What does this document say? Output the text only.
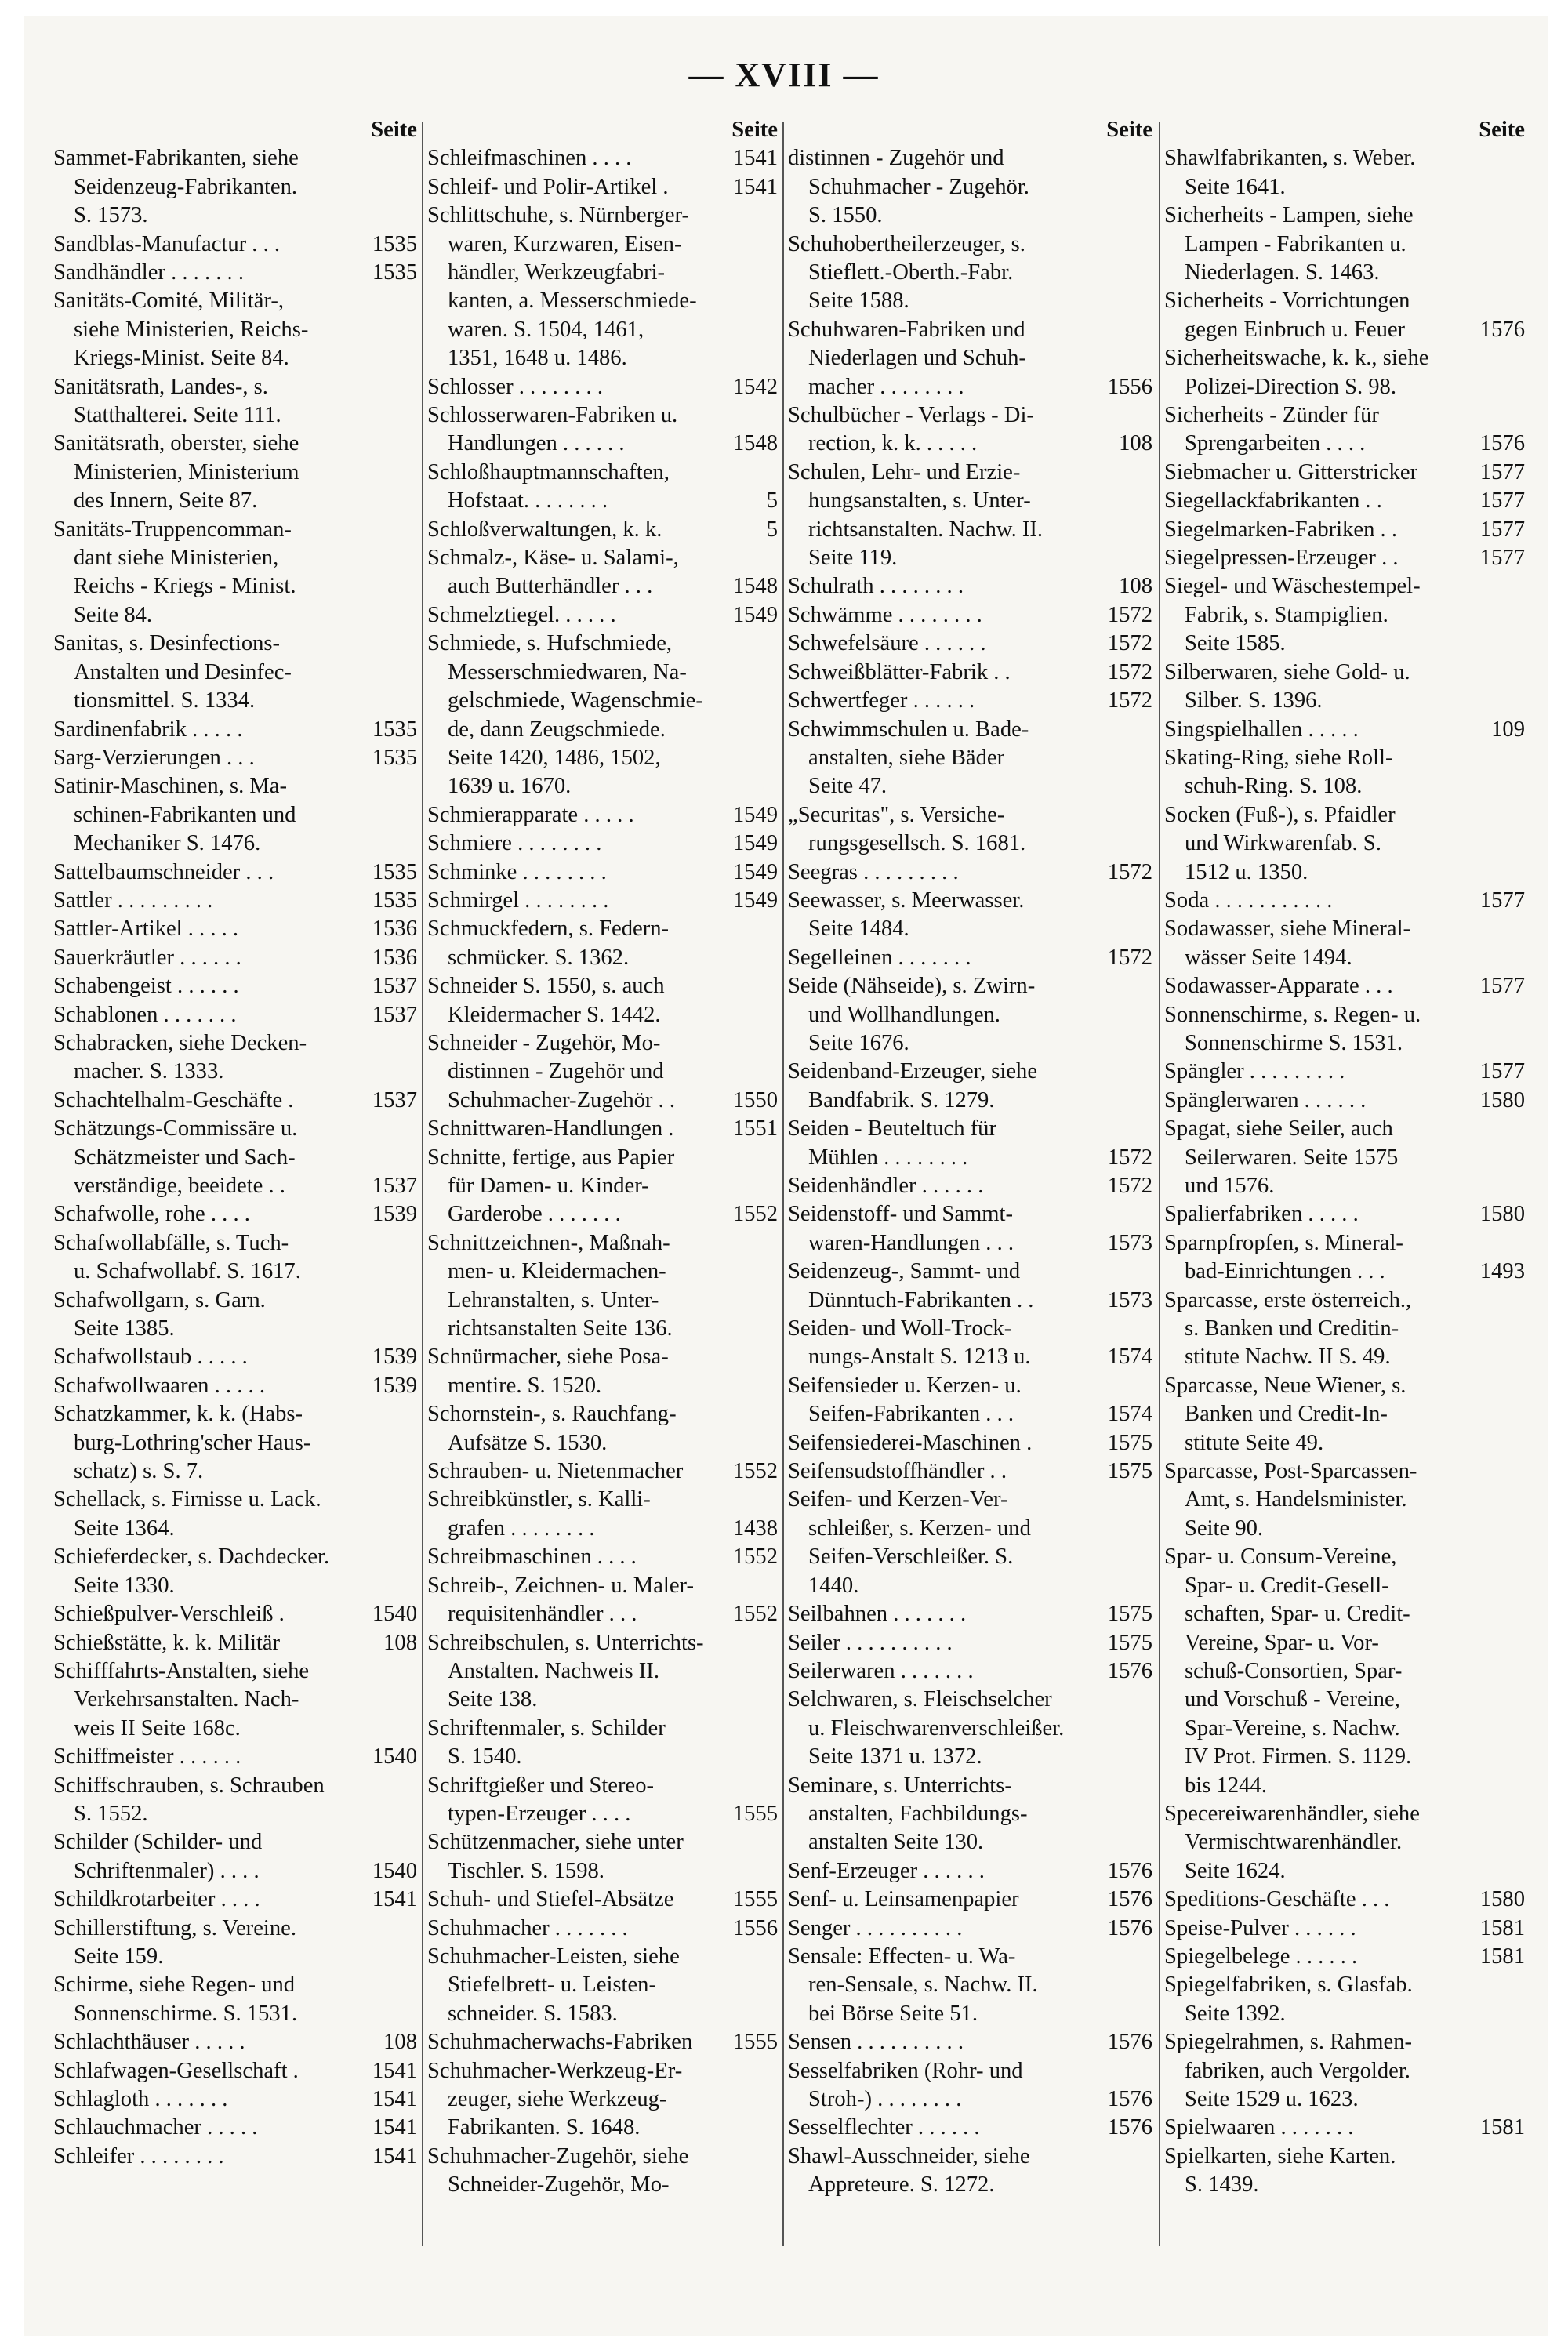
— XVIII —
Seite
Sammet-Fabrikanten, siehe
Seidenzeug-Fabrikanten.
S. 1573.
Sandblas-Manufactur . . .	1535
Sandhändler . . . . . . .	1535
Sanitäts-Comité, Militär-,
siehe Ministerien, Reichs-
Kriegs-Minist. Seite 84.
Sanitätsrath, Landes-, s.
Statthalterei. Seite 111.
Sanitätsrath, oberster, siehe
Ministerien, Ministerium
des Innern, Seite 87.
Sanitäts-Truppencomman-
dant siehe Ministerien,
Reichs - Kriegs - Minist.
Seite 84.
Sanitas, s. Desinfections-
Anstalten und Desinfec-
tionsmittel. S. 1334.
Sardinenfabrik . . . . .	1535
Sarg-Verzierungen . . .	1535
Satinir-Maschinen, s. Ma-
schinen-Fabrikanten und
Mechaniker S. 1476.
Sattelbaumschneider . . .	1535
Sattler . . . . . . . . .	1535
Sattler-Artikel . . . . .	1536
Sauerkräutler . . . . . .	1536
Schabengeist . . . . . .	1537
Schablonen . . . . . . .	1537
Schabracken, siehe Decken-
macher. S. 1333.
Schachtelhalm-Geschäfte .	1537
Schätzungs-Commissäre u.
Schätzmeister und Sach-
verständige, beeidete . .	1537
Schafwolle, rohe . . . .	1539
Schafwollabfälle, s. Tuch-
u. Schafwollabf. S. 1617.
Schafwollgarn, s. Garn.
Seite 1385.
Schafwollstaub . . . . .	1539
Schafwollwaaren . . . . .	1539
Schatzkammer, k. k. (Habs-
burg-Lothring'scher Haus-
schatz) s. S. 7.
Schellack, s. Firnisse u. Lack.
Seite 1364.
Schieferdecker, s. Dachdecker.
Seite 1330.
Schießpulver-Verschleiß .	1540
Schießstätte, k. k. Militär	108
Schifffahrts-Anstalten, siehe
Verkehrsanstalten. Nach-
weis II Seite 168c.
Schiffmeister . . . . . .	1540
Schiffschrauben, s. Schrauben
S. 1552.
Schilder (Schilder- und
Schriftenmaler) . . . .	1540
Schildkrotarbeiter . . . .	1541
Schillerstiftung, s. Vereine.
Seite 159.
Schirme, siehe Regen- und
Sonnenschirme. S. 1531.
Schlachthäuser . . . . .	108
Schlafwagen-Gesellschaft .	1541
Schlagloth . . . . . . .	1541
Schlauchmacher . . . . .	1541
Schleifer . . . . . . . .	1541
Seite
Schleifmaschinen . . . .	1541
Schleif- und Polir-Artikel .	1541
Schlittschuhe, s. Nürnberger-
waren, Kurzwaren, Eisen-
händler, Werkzeugfabri-
kanten, a. Messerschmiede-
waren. S. 1504, 1461,
1351, 1648 u. 1486.
Schlosser . . . . . . . .	1542
Schlosserwaren-Fabriken u.
Handlungen . . . . . .	1548
Schloßhauptmannschaften,
Hofstaat. . . . . . . .	5
Schloßverwaltungen, k. k.	5
Schmalz-, Käse- u. Salami-,
auch Butterhändler . . .	1548
Schmelztiegel. . . . . .	1549
Schmiede, s. Hufschmiede,
Messerschmiedwaren, Na-
gelschmiede, Wagenschmie-
de, dann Zeugschmiede.
Seite 1420, 1486, 1502,
1639 u. 1670.
Schmierapparate . . . . .	1549
Schmiere . . . . . . . .	1549
Schminke . . . . . . . .	1549
Schmirgel . . . . . . . .	1549
Schmuckfedern, s. Federn-
schmücker. S. 1362.
Schneider S. 1550, s. auch
Kleidermacher S. 1442.
Schneider - Zugehör, Mo-
distinnen - Zugehör und
Schuhmacher-Zugehör . .	1550
Schnittwaren-Handlungen .	1551
Schnitte, fertige, aus Papier
für Damen- u. Kinder-
Garderobe . . . . . . .	1552
Schnittzeichnen-, Maßnah-
men- u. Kleidermachen-
Lehranstalten, s. Unter-
richtsanstalten Seite 136.
Schnürmacher, siehe Posa-
mentire. S. 1520.
Schornstein-, s. Rauchfang-
Aufsätze S. 1530.
Schrauben- u. Nietenmacher	1552
Schreibkünstler, s. Kalli-
grafen . . . . . . . .	1438
Schreibmaschinen . . . .	1552
Schreib-, Zeichnen- u. Maler-
requisitenhändler . . .	1552
Schreibschulen, s. Unterrichts-
Anstalten. Nachweis II.
Seite 138.
Schriftenmaler, s. Schilder
S. 1540.
Schriftgießer und Stereo-
typen-Erzeuger . . . .	1555
Schützenmacher, siehe unter
Tischler. S. 1598.
Schuh- und Stiefel-Absätze	1555
Schuhmacher . . . . . . .	1556
Schuhmacher-Leisten, siehe
Stiefelbrett- u. Leisten-
schneider. S. 1583.
Schuhmacherwachs-Fabriken	1555
Schuhmacher-Werkzeug-Er-
zeuger, siehe Werkzeug-
Fabrikanten. S. 1648.
Schuhmacher-Zugehör, siehe
Schneider-Zugehör, Mo-
Seite
distinnen - Zugehör und
Schuhmacher - Zugehör.
S. 1550.
Schuhobertheilerzeuger, s.
Stieflett.-Oberth.-Fabr.
Seite 1588.
Schuhwaren-Fabriken und
Niederlagen und Schuh-
macher . . . . . . . .	1556
Schulbücher - Verlags - Di-
rection, k. k. . . . . .	108
Schulen, Lehr- und Erzie-
hungsanstalten, s. Unter-
richtsanstalten. Nachw. II.
Seite 119.
Schulrath . . . . . . . .	108
Schwämme . . . . . . . .	1572
Schwefelsäure . . . . . .	1572
Schweißblätter-Fabrik . .	1572
Schwertfeger . . . . . .	1572
Schwimmschulen u. Bade-
anstalten, siehe Bäder
Seite 47.
„Securitas", s. Versiche-
rungsgesellsch. S. 1681.
Seegras . . . . . . . . .	1572
Seewasser, s. Meerwasser.
Seite 1484.
Segelleinen . . . . . . .	1572
Seide (Nähseide), s. Zwirn-
und Wollhandlungen.
Seite 1676.
Seidenband-Erzeuger, siehe
Bandfabrik. S. 1279.
Seiden - Beuteltuch für
Mühlen . . . . . . . .	1572
Seidenhändler . . . . . .	1572
Seidenstoff- und Sammt-
waren-Handlungen . . .	1573
Seidenzeug-, Sammt- und
Dünntuch-Fabrikanten . .	1573
Seiden- und Woll-Trock-
nungs-Anstalt S. 1213 u.	1574
Seifensieder u. Kerzen- u.
Seifen-Fabrikanten . . .	1574
Seifensiederei-Maschinen .	1575
Seifensudstoffhändler . .	1575
Seifen- und Kerzen-Ver-
schleißer, s. Kerzen- und
Seifen-Verschleißer. S.
1440.
Seilbahnen . . . . . . .	1575
Seiler . . . . . . . . . .	1575
Seilerwaren . . . . . . .	1576
Selchwaren, s. Fleischselcher
u. Fleischwarenverschleißer.
Seite 1371 u. 1372.
Seminare, s. Unterrichts-
anstalten, Fachbildungs-
anstalten Seite 130.
Senf-Erzeuger . . . . . .	1576
Senf- u. Leinsamenpapier	1576
Senger . . . . . . . . . .	1576
Sensale: Effecten- u. Wa-
ren-Sensale, s. Nachw. II.
bei Börse Seite 51.
Sensen . . . . . . . . . .	1576
Sesselfabriken (Rohr- und
Stroh-) . . . . . . . .	1576
Sesselflechter . . . . . .	1576
Shawl-Ausschneider, siehe
Appreteure. S. 1272.
Seite
Shawlfabrikanten, s. Weber.
Seite 1641.
Sicherheits - Lampen, siehe
Lampen - Fabrikanten u.
Niederlagen. S. 1463.
Sicherheits - Vorrichtungen
gegen Einbruch u. Feuer	1576
Sicherheitswache, k. k., siehe
Polizei-Direction S. 98.
Sicherheits - Zünder für
Sprengarbeiten . . . .	1576
Siebmacher u. Gitterstricker	1577
Siegellackfabrikanten . .	1577
Siegelmarken-Fabriken . .	1577
Siegelpressen-Erzeuger . .	1577
Siegel- und Wäschestempel-
Fabrik, s. Stampiglien.
Seite 1585.
Silberwaren, siehe Gold- u.
Silber. S. 1396.
Singspielhallen . . . . .	109
Skating-Ring, siehe Roll-
schuh-Ring. S. 108.
Socken (Fuß-), s. Pfaidler
und Wirkwarenfab. S.
1512 u. 1350.
Soda . . . . . . . . . . .	1577
Sodawasser, siehe Mineral-
wässer Seite 1494.
Sodawasser-Apparate . . .	1577
Sonnenschirme, s. Regen- u.
Sonnenschirme S. 1531.
Spängler . . . . . . . . .	1577
Spänglerwaren . . . . . .	1580
Spagat, siehe Seiler, auch
Seilerwaren. Seite 1575
und 1576.
Spalierfabriken . . . . .	1580
Sparnpfropfen, s. Mineral-
bad-Einrichtungen . . .	1493
Sparcasse, erste österreich.,
s. Banken und Creditin-
stitute Nachw. II S. 49.
Sparcasse, Neue Wiener, s.
Banken und Credit-In-
stitute Seite 49.
Sparcasse, Post-Sparcassen-
Amt, s. Handelsminister.
Seite 90.
Spar- u. Consum-Vereine,
Spar- u. Credit-Gesell-
schaften, Spar- u. Credit-
Vereine, Spar- u. Vor-
schuß-Consortien, Spar-
und Vorschuß - Vereine,
Spar-Vereine, s. Nachw.
IV Prot. Firmen. S. 1129.
bis 1244.
Specereiwarenhändler, siehe
Vermischtwarenhändler.
Seite 1624.
Speditions-Geschäfte . . .	1580
Speise-Pulver . . . . . .	1581
Spiegelbelege . . . . . .	1581
Spiegelfabriken, s. Glasfab.
Seite 1392.
Spiegelrahmen, s. Rahmen-
fabriken, auch Vergolder.
Seite 1529 u. 1623.
Spielwaaren . . . . . . .	1581
Spielkarten, siehe Karten.
S. 1439.
